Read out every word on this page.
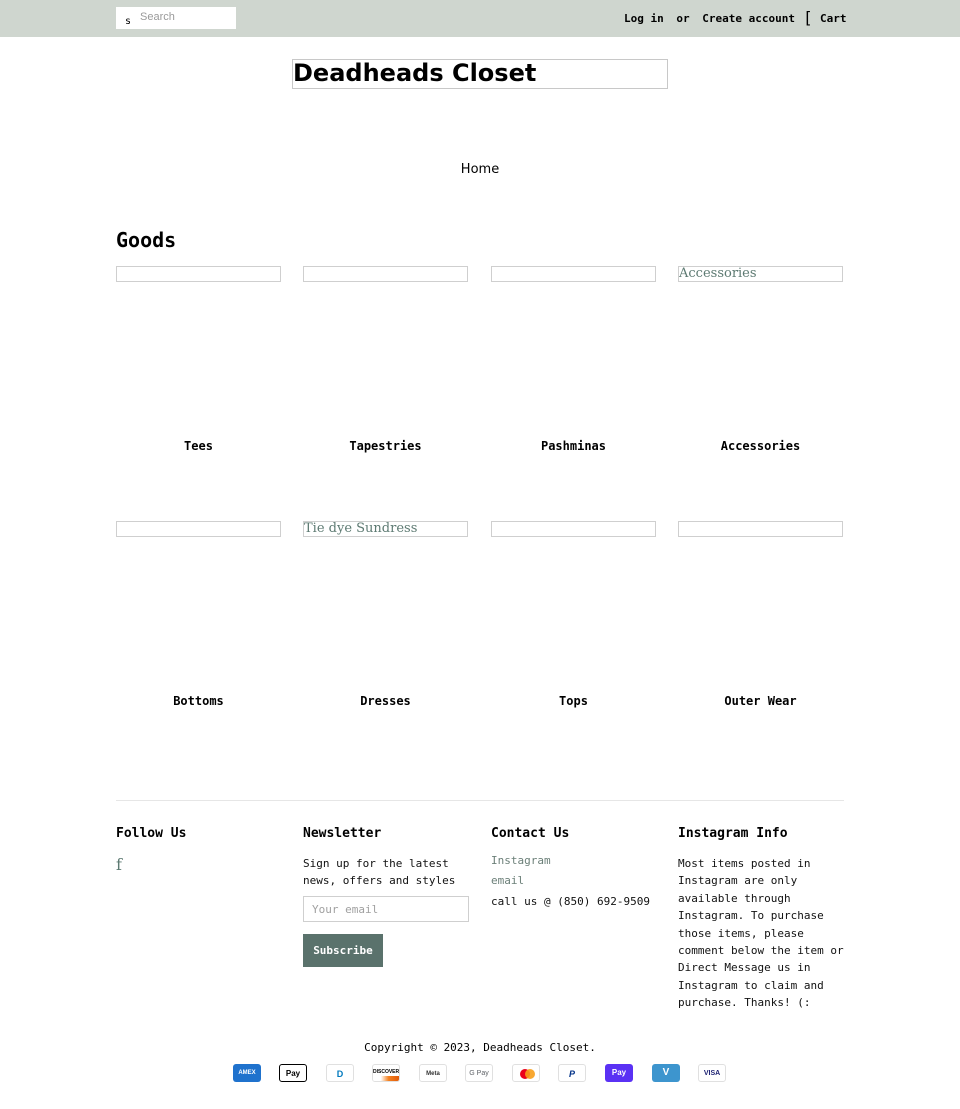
s
Search	Log in or Create account [ Cart
Deadheads Closet
Home
Goods
Tees	Tapestries	Pashminas
Accessories
Accessories
Bottoms
Tie dye Sundress
Dresses	Tops	Outer Wear
Follow Us
f
Newsletter
Sign up for the latest news, offers and styles
Your email
Subscribe
Contact Us
Instagram
email
call us @ (850) 692-9509
Instagram Info
Most items posted in Instagram are only available through Instagram. To purchase those items, please comment below the item or Direct Message us in Instagram to claim and purchase. Thanks! (:
Copyright © 2023, Deadheads Closet.
AMEX	Pay	D	DISCOVER	Meta	G Pay	P	Pay	V	VISA
